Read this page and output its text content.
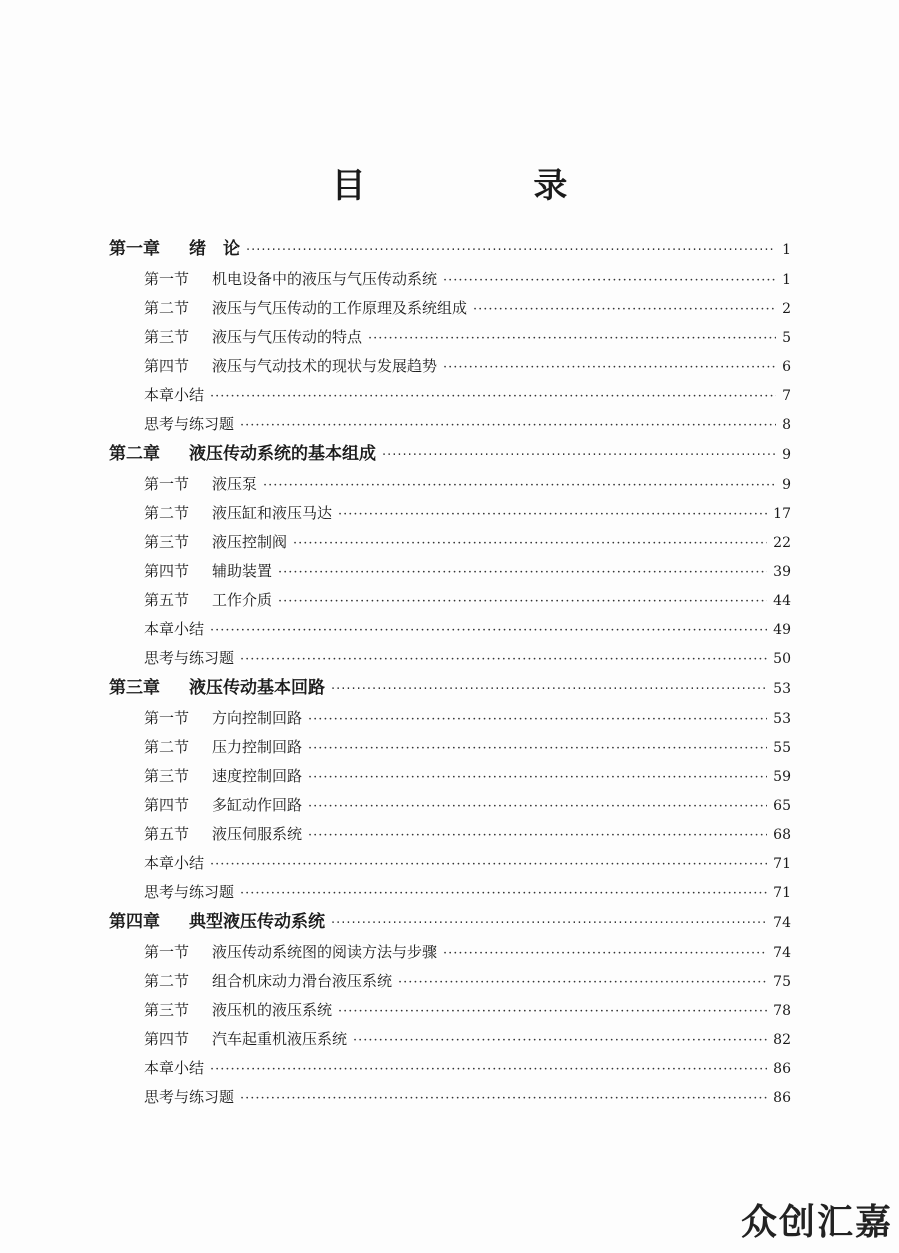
目 录
第一章	绪　论 ·····	1
第一节	机电设备中的液压与气压传动系统 ·····	1
第二节	液压与气压传动的工作原理及系统组成 ·····	2
第三节	液压与气压传动的特点 ·····	5
第四节	液压与气动技术的现状与发展趋势 ·····	6
本章小结 ·····	7
思考与练习题 ·····	8
第二章	液压传动系统的基本组成 ·····	9
第一节	液压泵 ·····	9
第二节	液压缸和液压马达 ·····	17
第三节	液压控制阀 ·····	22
第四节	辅助装置 ·····	39
第五节	工作介质 ·····	44
本章小结 ·····	49
思考与练习题 ·····	50
第三章	液压传动基本回路 ·····	53
第一节	方向控制回路 ·····	53
第二节	压力控制回路 ·····	55
第三节	速度控制回路 ·····	59
第四节	多缸动作回路 ·····	65
第五节	液压伺服系统 ·····	68
本章小结 ·····	71
思考与练习题 ·····	71
第四章	典型液压传动系统 ·····	74
第一节	液压传动系统图的阅读方法与步骤 ·····	74
第二节	组合机床动力滑台液压系统 ·····	75
第三节	液压机的液压系统 ·····	78
第四节	汽车起重机液压系统 ·····	82
本章小结 ·····	86
思考与练习题 ·····	86
众创汇嘉
